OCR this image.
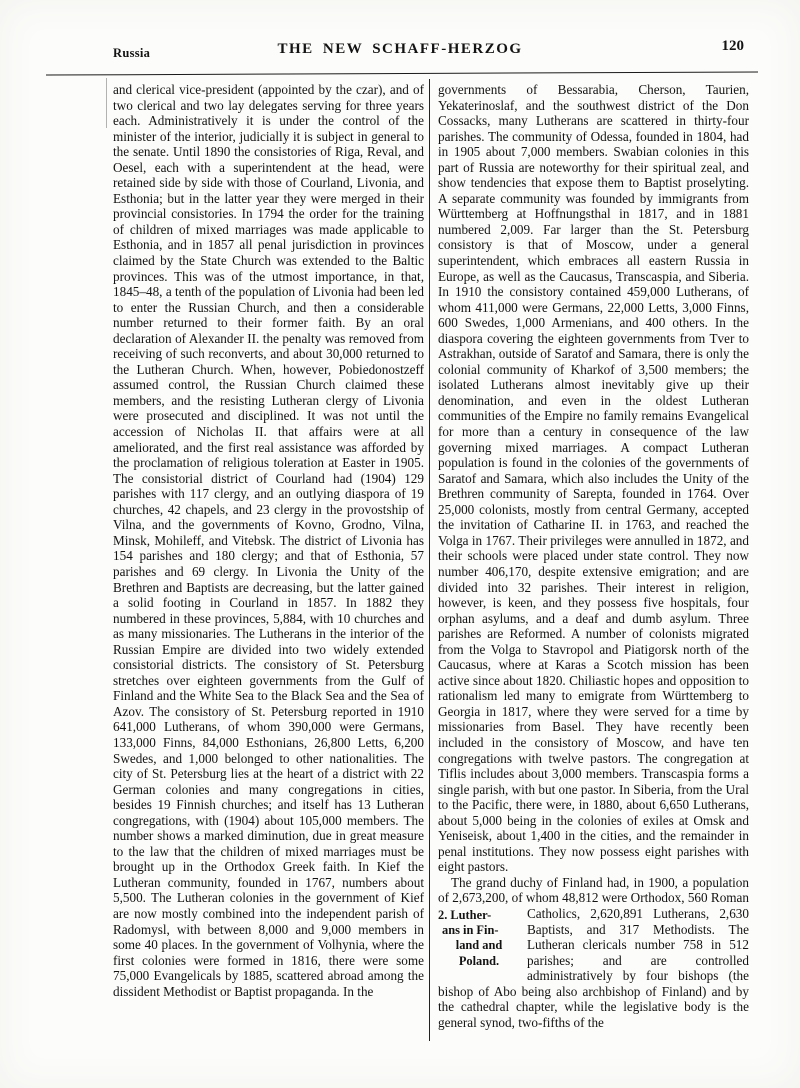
Russia	THE NEW SCHAFF-HERZOG	120

and clerical vice-president (appointed by the czar), and of two clerical and two lay delegates serving for three years each. Administratively it is under the control of the minister of the interior, judicially it is subject in general to the senate. Until 1890 the consistories of Riga, Reval, and Oesel, each with a superintendent at the head, were retained side by side with those of Courland, Livonia, and Esthonia; but in the latter year they were merged in their provincial consistories. In 1794 the order for the training of children of mixed marriages was made applicable to Esthonia, and in 1857 all penal jurisdiction in provinces claimed by the State Church was extended to the Baltic provinces. This was of the utmost importance, in that, 1845–48, a tenth of the population of Livonia had been led to enter the Russian Church, and then a considerable number returned to their former faith. By an oral declaration of Alexander II. the penalty was removed from receiving of such reconverts, and about 30,000 returned to the Lutheran Church. When, however, Pobiedonostzeff assumed control, the Russian Church claimed these members, and the resisting Lutheran clergy of Livonia were prosecuted and disciplined. It was not until the accession of Nicholas II. that affairs were at all ameliorated, and the first real assistance was afforded by the proclamation of religious toleration at Easter in 1905. The consistorial district of Courland had (1904) 129 parishes with 117 clergy, and an outlying diaspora of 19 churches, 42 chapels, and 23 clergy in the provostship of Vilna, and the governments of Kovno, Grodno, Vilna, Minsk, Mohileff, and Vitebsk. The district of Livonia has 154 parishes and 180 clergy; and that of Esthonia, 57 parishes and 69 clergy. In Livonia the Unity of the Brethren and Baptists are decreasing, but the latter gained a solid footing in Courland in 1857. In 1882 they numbered in these provinces, 5,884, with 10 churches and as many missionaries. The Lutherans in the interior of the Russian Empire are divided into two widely extended consistorial districts. The consistory of St. Petersburg stretches over eighteen governments from the Gulf of Finland and the White Sea to the Black Sea and the Sea of Azov. The consistory of St. Petersburg reported in 1910 641,000 Lutherans, of whom 390,000 were Germans, 133,000 Finns, 84,000 Esthonians, 26,800 Letts, 6,200 Swedes, and 1,000 belonged to other nationalities. The city of St. Petersburg lies at the heart of a district with 22 German colonies and many congregations in cities, besides 19 Finnish churches; and itself has 13 Lutheran congregations, with (1904) about 105,000 members. The number shows a marked diminution, due in great measure to the law that the children of mixed marriages must be brought up in the Orthodox Greek faith. In Kief the Lutheran community, founded in 1767, numbers about 5,500. The Lutheran colonies in the government of Kief are now mostly combined into the independent parish of Radomysl, with between 8,000 and 9,000 members in some 40 places. In the government of Volhynia, where the first colonies were formed in 1816, there were some 75,000 Evangelicals by 1885, scattered abroad among the dissident Methodist or Baptist propaganda. In the

governments of Bessarabia, Cherson, Taurien, Yekaterinoslaf, and the southwest district of the Don Cossacks, many Lutherans are scattered in thirty-four parishes. The community of Odessa, founded in 1804, had in 1905 about 7,000 members. Swabian colonies in this part of Russia are noteworthy for their spiritual zeal, and show tendencies that expose them to Baptist proselyting. A separate community was founded by immigrants from Württemberg at Hoffnungsthal in 1817, and in 1881 numbered 2,009. Far larger than the St. Petersburg consistory is that of Moscow, under a general superintendent, which embraces all eastern Russia in Europe, as well as the Caucasus, Transcaspia, and Siberia. In 1910 the consistory contained 459,000 Lutherans, of whom 411,000 were Germans, 22,000 Letts, 3,000 Finns, 600 Swedes, 1,000 Armenians, and 400 others. In the diaspora covering the eighteen governments from Tver to Astrakhan, outside of Saratof and Samara, there is only the colonial community of Kharkof of 3,500 members; the isolated Lutherans almost inevitably give up their denomination, and even in the oldest Lutheran communities of the Empire no family remains Evangelical for more than a century in consequence of the law governing mixed marriages. A compact Lutheran population is found in the colonies of the governments of Saratof and Samara, which also includes the Unity of the Brethren community of Sarepta, founded in 1764. Over 25,000 colonists, mostly from central Germany, accepted the invitation of Catharine II. in 1763, and reached the Volga in 1767. Their privileges were annulled in 1872, and their schools were placed under state control. They now number 406,170, despite extensive emigration; and are divided into 32 parishes. Their interest in religion, however, is keen, and they possess five hospitals, four orphan asylums, and a deaf and dumb asylum. Three parishes are Reformed. A number of colonists migrated from the Volga to Stavropol and Piatigorsk north of the Caucasus, where at Karas a Scotch mission has been active since about 1820. Chiliastic hopes and opposition to rationalism led many to emigrate from Württemberg to Georgia in 1817, where they were served for a time by missionaries from Basel. They have recently been included in the consistory of Moscow, and have ten congregations with twelve pastors. The congregation at Tiflis includes about 3,000 members. Transcaspia forms a single parish, with but one pastor. In Siberia, from the Ural to the Pacific, there were, in 1880, about 6,650 Lutherans, about 5,000 being in the colonies of exiles at Omsk and Yeniseisk, about 1,400 in the cities, and the remainder in penal institutions. They now possess eight parishes with eight pastors.

The grand duchy of Finland had, in 1900, a population of 2,673,200, of whom 48,812 were Orthodox,
2. Luther-
ans in Fin-
land and
Poland.
560 Roman Catholics, 2,620,891 Lutherans, 2,630 Baptists, and 317 Methodists. The Lutheran clericals number 758 in 512 parishes; and are controlled administratively by four bishops (the bishop of Abo being also archbishop of Finland) and by the cathedral chapter, while the legislative body is the general synod, two-fifths of the
